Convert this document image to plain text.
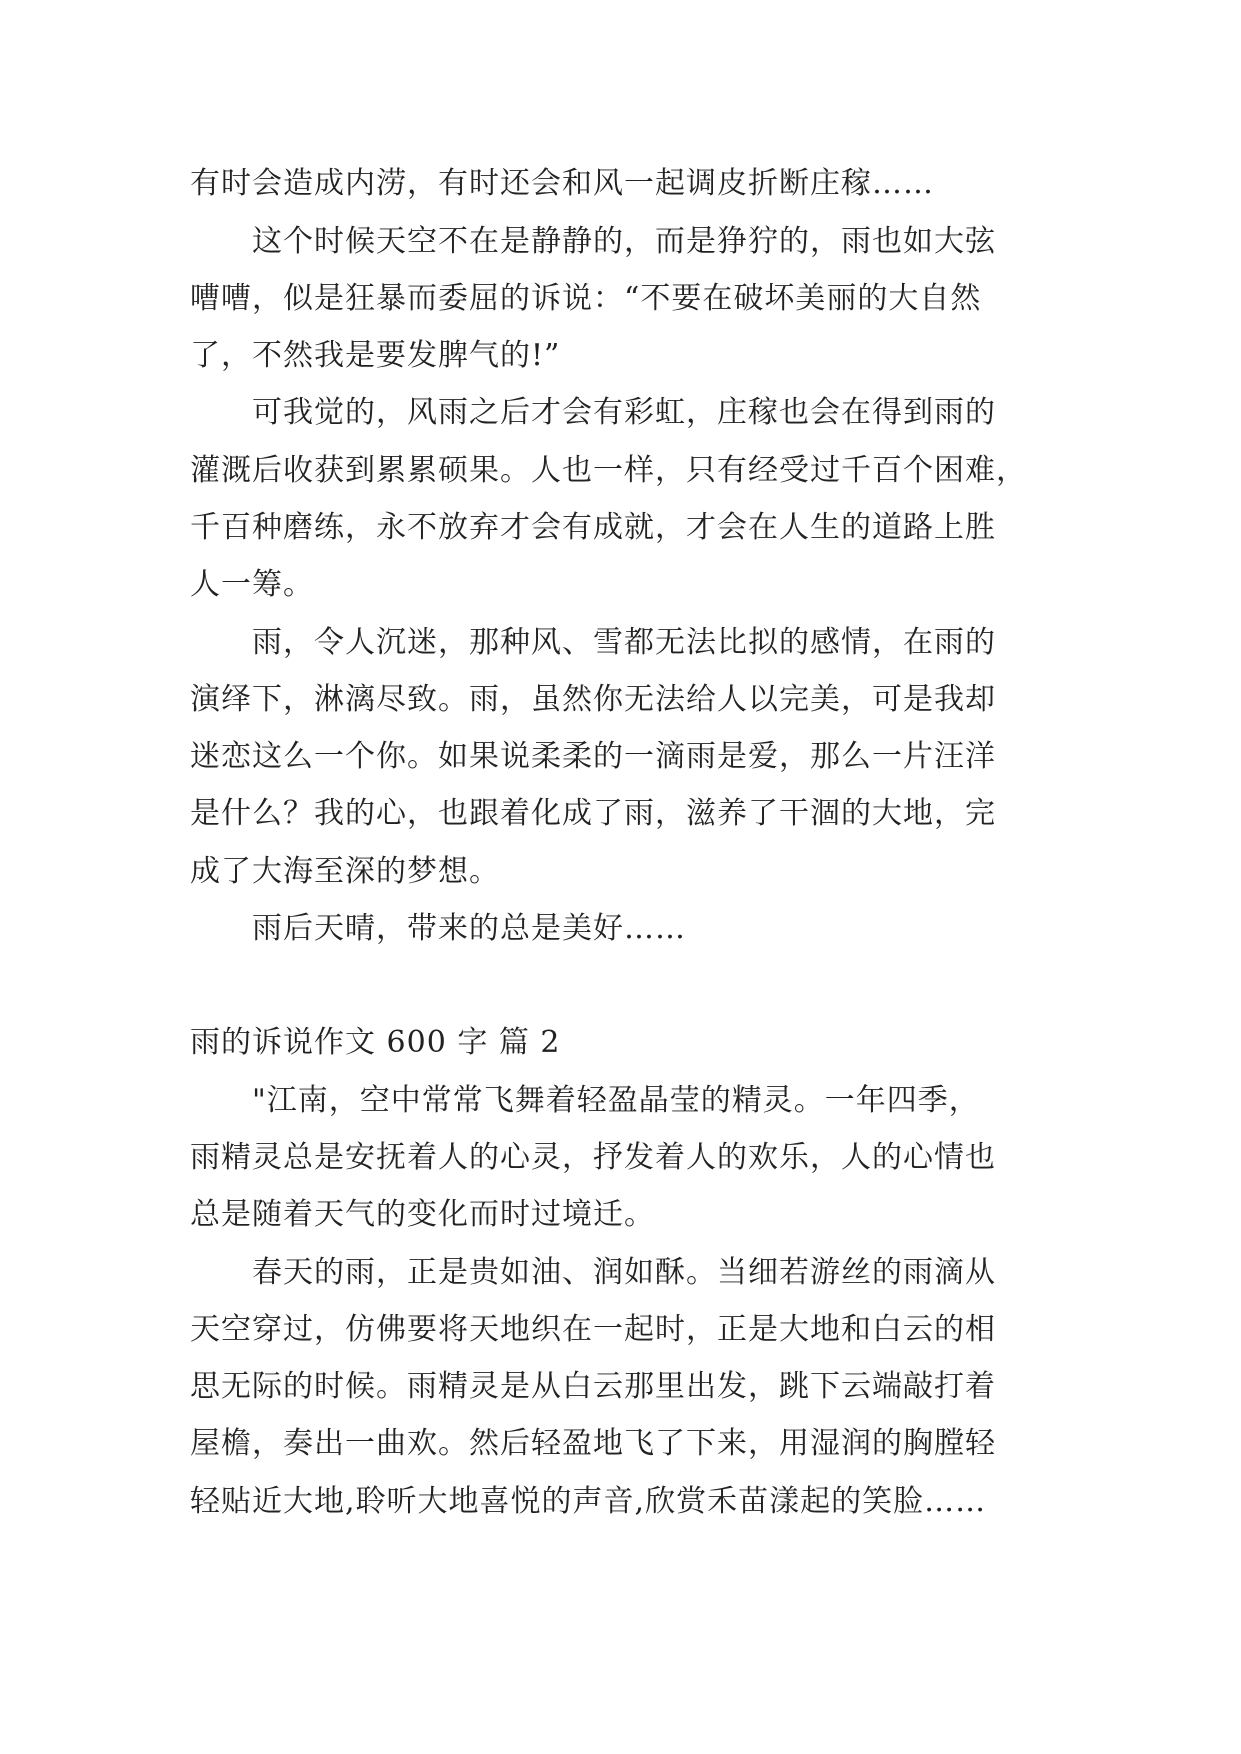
有时会造成内涝，有时还会和风一起调皮折断庄稼……
这个时候天空不在是静静的，而是狰狞的，雨也如大弦
嘈嘈，似是狂暴而委屈的诉说：“不要在破坏美丽的大自然
了，不然我是要发脾气的!”
可我觉的，风雨之后才会有彩虹，庄稼也会在得到雨的
灌溉后收获到累累硕果。人也一样，只有经受过千百个困难，
千百种磨练，永不放弃才会有成就，才会在人生的道路上胜
人一筹。
雨，令人沉迷，那种风、雪都无法比拟的感情，在雨的
演绎下，淋漓尽致。雨，虽然你无法给人以完美，可是我却
迷恋这么一个你。如果说柔柔的一滴雨是爱，那么一片汪洋
是什么？我的心，也跟着化成了雨，滋养了干涸的大地，完
成了大海至深的梦想。
雨后天晴，带来的总是美好……
雨的诉说作文 600 字 篇 2
"江南，空中常常飞舞着轻盈晶莹的精灵。一年四季，
雨精灵总是安抚着人的心灵，抒发着人的欢乐，人的心情也
总是随着天气的变化而时过境迁。
春天的雨，正是贵如油、润如酥。当细若游丝的雨滴从
天空穿过，仿佛要将天地织在一起时，正是大地和白云的相
思无际的时候。雨精灵是从白云那里出发，跳下云端敲打着
屋檐，奏出一曲欢。然后轻盈地飞了下来，用湿润的胸膛轻
轻贴近大地,聆听大地喜悦的声音,欣赏禾苗漾起的笑脸……
